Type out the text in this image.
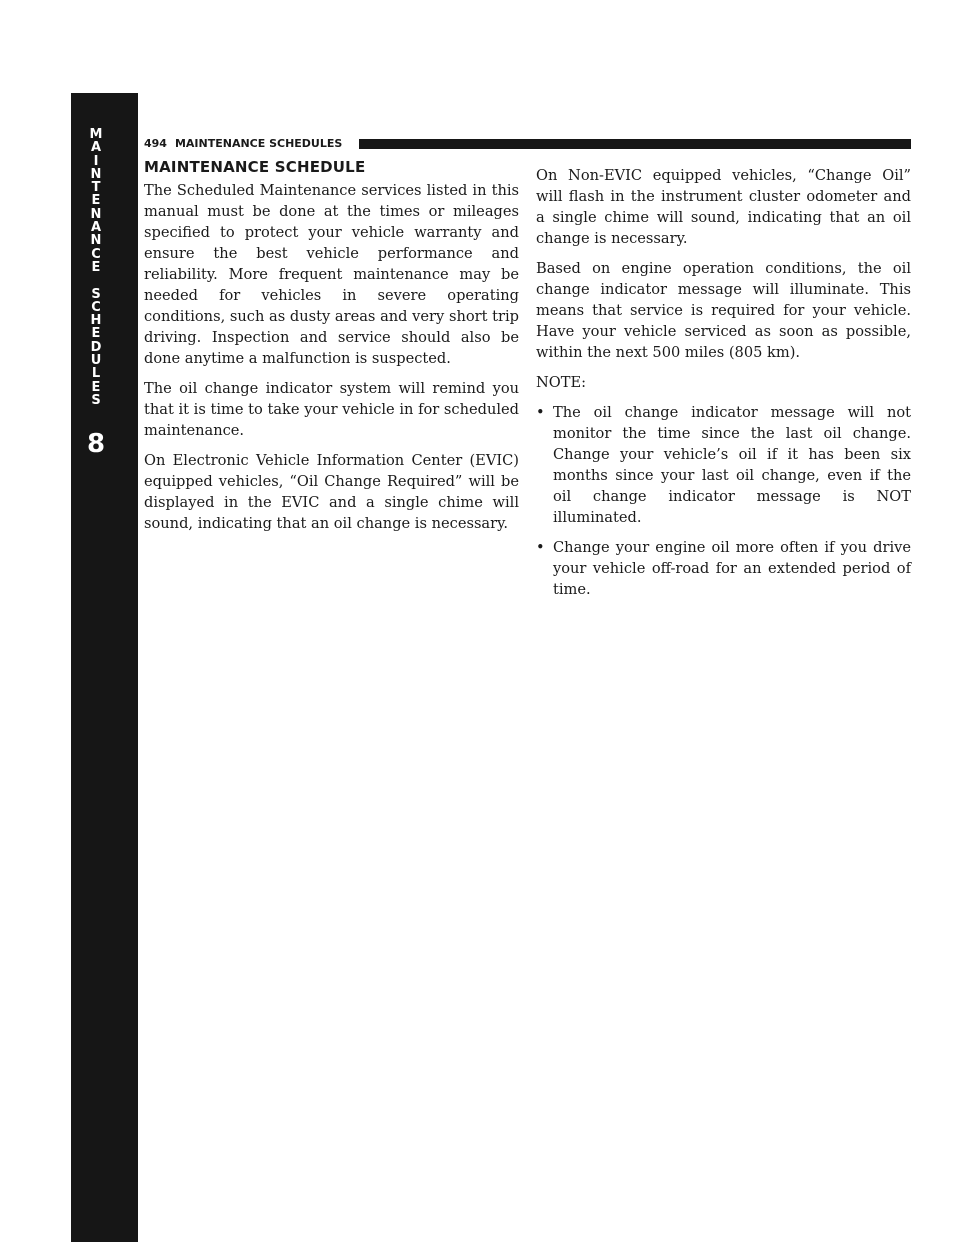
M
A
I
N
T
E
N
A
N
C
E
S
C
H
E
D
U
L
E
S
8
494 MAINTENANCE SCHEDULES
MAINTENANCE SCHEDULE

The Scheduled Maintenance services listed in this manual must be done at the times or mileages specified to protect your vehicle warranty and ensure the best vehicle performance and reliability. More frequent maintenance may be needed for vehicles in severe operating conditions, such as dusty areas and very short trip driving. Inspection and service should also be done anytime a malfunction is suspected.

The oil change indicator system will remind you that it is time to take your vehicle in for scheduled maintenance.

On Electronic Vehicle Information Center (EVIC) equipped vehicles, “Oil Change Required” will be displayed in the EVIC and a single chime will sound, indicating that an oil change is necessary.

On Non-EVIC equipped vehicles, “Change Oil” will flash in the instrument cluster odometer and a single chime will sound, indicating that an oil change is necessary.

Based on engine operation conditions, the oil change indicator message will illuminate. This means that service is required for your vehicle. Have your vehicle serviced as soon as possible, within the next 500 miles (805 km).

NOTE:

• The oil change indicator message will not monitor the time since the last oil change. Change your vehicle’s oil if it has been six months since your last oil change, even if the oil change indicator message is NOT illuminated.
• Change your engine oil more often if you drive your vehicle off-road for an extended period of time.
